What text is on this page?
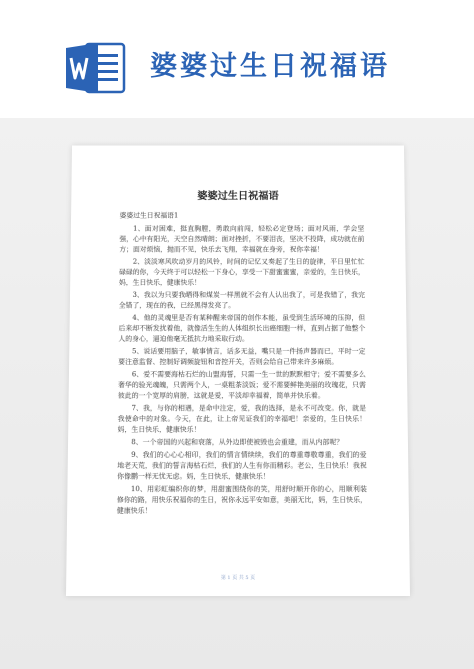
婆婆过生日祝福语
婆婆过生日祝福语
婆婆过生日祝福语1

1、面对困难，挺直胸膛，勇敢向前闯，轻松必定登场；面对风雨，学会坚强，心中有阳光，天空自然晴朗；面对挫折，不要泪丧，坚决不投降，成功就在前方；面对烦恼，抛而不见，快乐去飞翔，幸福就在身旁，祝你幸福！

2、淡淡寒风吹动岁月的风铃，时间的记忆又奏起了生日的旋律，平日里忙忙碌碌的你，今天终于可以轻松一下身心，享受一下甜蜜蜜蜜，亲爱的，生日快乐，妈，生日快乐，健康快乐！

3、我以为只要我晒得和煤炭一样黑就不会有人认出我了，可是我错了，我完全错了，现在的我，已经黑得发亮了。

4、他的灵魂里是否有某种醒来帝国的创作本能，虽受到生活环境的压抑，但后来却不断发扰着他，就像活生生的人体组织长出癌细胞一样，直到占据了他整个人的身心，逼迫他毫无抵抗力地采取行动。

5、说话要用脑子，敏事情言，话多无益，嘴只是一件扬声器而已，平时一定要注意监督、控制好调频旋钮和音控开关，否则会给自己带来许多麻烦。

6、爱不需要海枯石烂的山盟海誓，只需一生一世的默默相守；爱不需要多么奢华的验光魂魄，只需两个人，一桌粗茶淡饭；爱不需要鲜艳美丽的玫瑰花，只需彼此的一个宽厚的肩膀，这就是爱，平淡却幸福着，简单并快乐着。

7、我，与你的相遇，是命中注定，爱，我的选择，是永不可改变。你，就是我使命中的对象。今天，在此，让上帝见证我们的幸福吧！亲爱的，生日快乐！妈，生日快乐，健康快乐！

8、一个帝国的兴起和衰落，从外边即使被毁也会重建，而从内部呢？

9、我们的心心心相印，我们的情言情续续，我们的尊重尊敬尊重，我们的爱地老天荒，我们的誓言海枯石烂，我们的人生有你而精彩。老公，生日快乐！我祝你像鹏一样无忧无虑。妈，生日快乐，健康快乐！

10、用彩虹编织你的梦，用甜蜜围绕你的笑，用舒时顺开你的心，用顺利装修你的路，用快乐祝福你的生日，祝你永远平安如意，美丽无比，妈，生日快乐，健康快乐！

第 1 页 共 5 页
